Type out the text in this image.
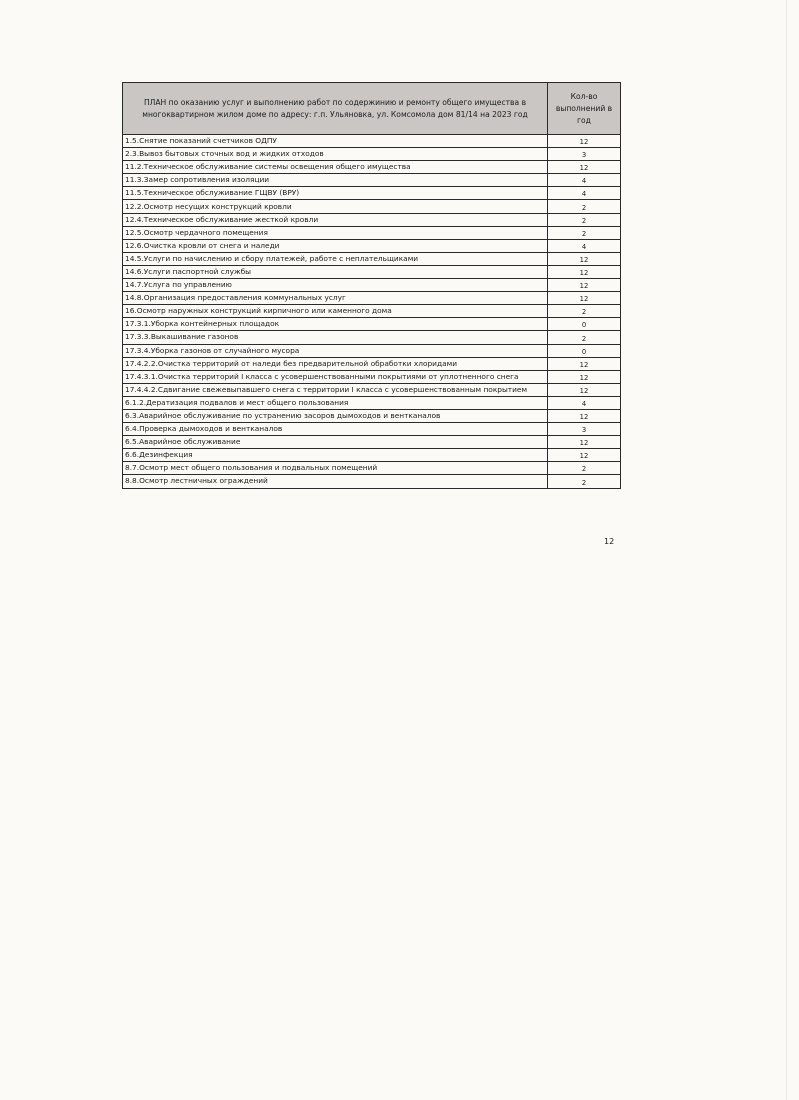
ПЛАН по оказанию услуг и выполнению работ по содержинию и ремонту общего имущества в многоквартирном жилом доме по адресу: г.п. Ульяновка, ул. Комсомола дом 81/14 на 2023 год	Кол-во выполнений в год
1.5.Снятие показаний счетчиков ОДПУ	12
2.3.Вывоз бытовых сточных вод и жидких отходов	3
11.2.Техническое обслуживание системы освещения общего имущества	12
11.3.Замер сопротивления изоляции	4
11.5.Техническое обслуживание ГЩВУ (ВРУ)	4
12.2.Осмотр несущих конструкций кровли	2
12.4.Техническое обслуживание жесткой кровли	2
12.5.Осмотр чердачного помещения	2
12.6.Очистка кровли от снега и наледи	4
14.5.Услуги по начислению и сбору платежей, работе с неплательщиками	12
14.6.Услуги паспортной службы	12
14.7.Услуга по управлению	12
14.8.Организация предоставления коммунальных услуг	12
16.Осмотр наружных конструкций кирпичного или каменного дома	2
17.3.1.Уборка контейнерных площадок	0
17.3.3.Выкашивание газонов	2
17.3.4.Уборка газонов от случайного мусора	0
17.4.2.2.Очистка территорий от наледи без предварительной обработки хлоридами	12
17.4.3.1.Очистка территорий I класса с усовершенствованными покрытиями от уплотненного снега	12
17.4.4.2.Сдвигание свежевыпавшего снега с территории I класса с усовершенствованным покрытием	12
6.1.2.Дератизация подвалов и мест общего пользования	4
6.3.Аварийное обслуживание по устранению засоров дымоходов и вентканалов	12
6.4.Проверка дымоходов и вентканалов	3
6.5.Аварийное обслуживание	12
6.6.Дезинфекция	12
8.7.Осмотр мест общего пользования и подвальных помещений	2
8.8.Осмотр лестничных ограждений	2
12
